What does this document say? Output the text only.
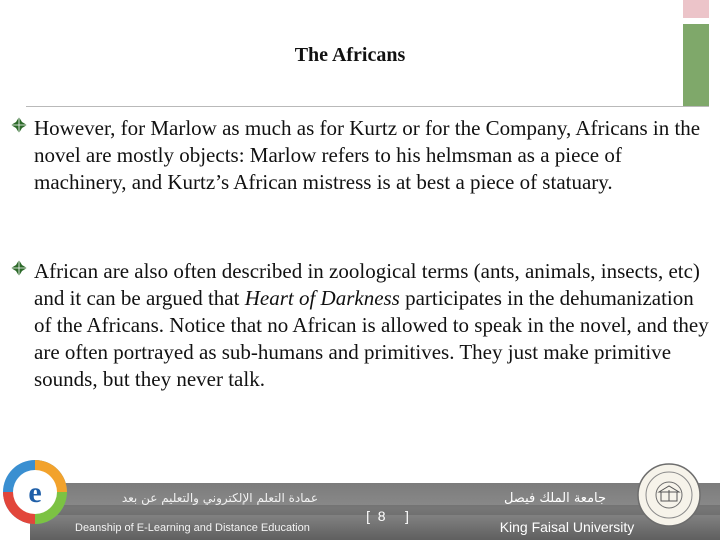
The Africans
However, for Marlow as much as for Kurtz or for the Company, Africans in the novel are mostly objects: Marlow refers to his helmsman as a piece of machinery, and Kurtz’s African mistress is at best a piece of statuary.
African are also often described in zoological terms (ants, animals, insects, etc) and it can be argued that Heart of Darkness participates in the dehumanization of the Africans. Notice that no African is allowed to speak in the novel, and they are often portrayed as sub-humans and primitives. They just make primitive sounds, but they never talk.
e	عمادة التعلم الإلكتروني والتعليم عن بعد
Deanship of E-Learning and Distance Education
[ 8 ]
جامعة الملك فيصل
King Faisal University
